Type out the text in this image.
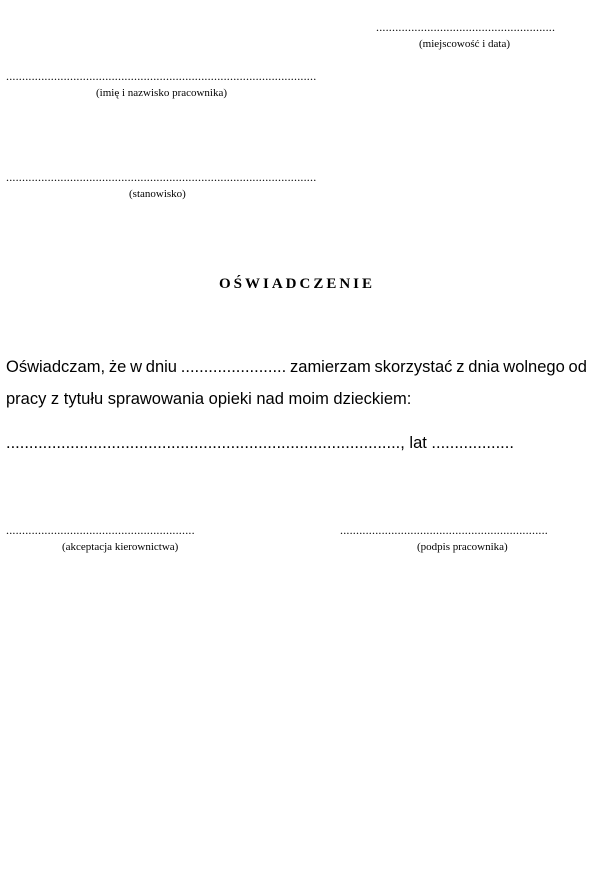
........................................................
(miejscowość i data)
.................................................................................................
(imię i nazwisko pracownika)
.................................................................................................
(stanowisko)
OŚWIADCZENIE
Oświadczam, że w dniu ....................... zamierzam skorzystać z dnia wolnego od
pracy z tytułu sprawowania opieki nad moim dzieckiem:
......................................................................................, lat ..................
...........................................................
(akceptacja kierownictwa)
.................................................................
(podpis pracownika)
